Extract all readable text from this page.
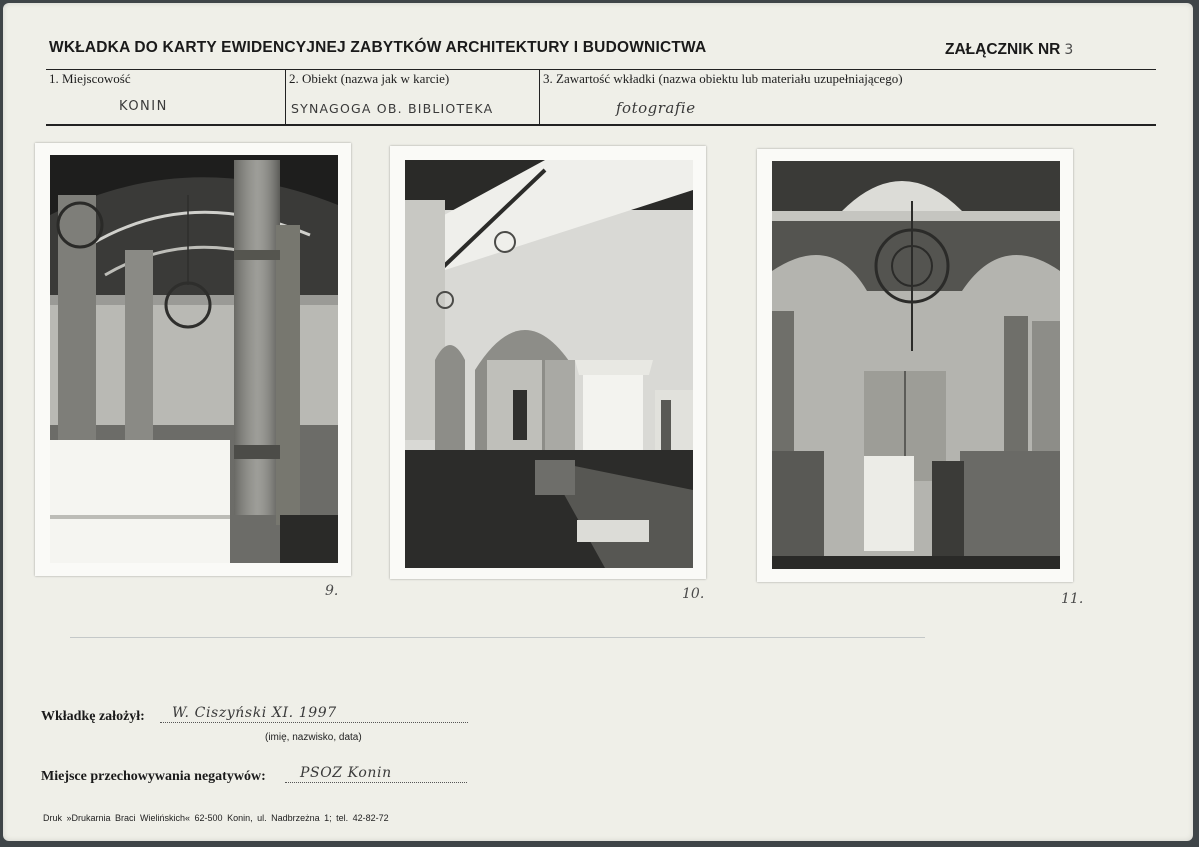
WKŁADKA DO KARTY EWIDENCYJNEJ ZABYTKÓW ARCHITEKTURY I BUDOWNICTWA	ZAŁĄCZNIK NR 3
1. Miejscowość
KONIN
2. Obiekt (nazwa jak w karcie)
SYNAGOGA OB. BIBLIOTEKA
3. Zawartość wkładki (nazwa obiektu lub materiału uzupełniającego)
fotografie
9.	10.	11.
Wkładkę założył: W. Ciszyński XI. 1997
(imię, nazwisko, data)
Miejsce przechowywania negatywów: PSOZ Konin
Druk »Drukarnia Braci Wielińskich« 62-500 Konin, ul. Nadbrzeżna 1; tel. 42-82-72
